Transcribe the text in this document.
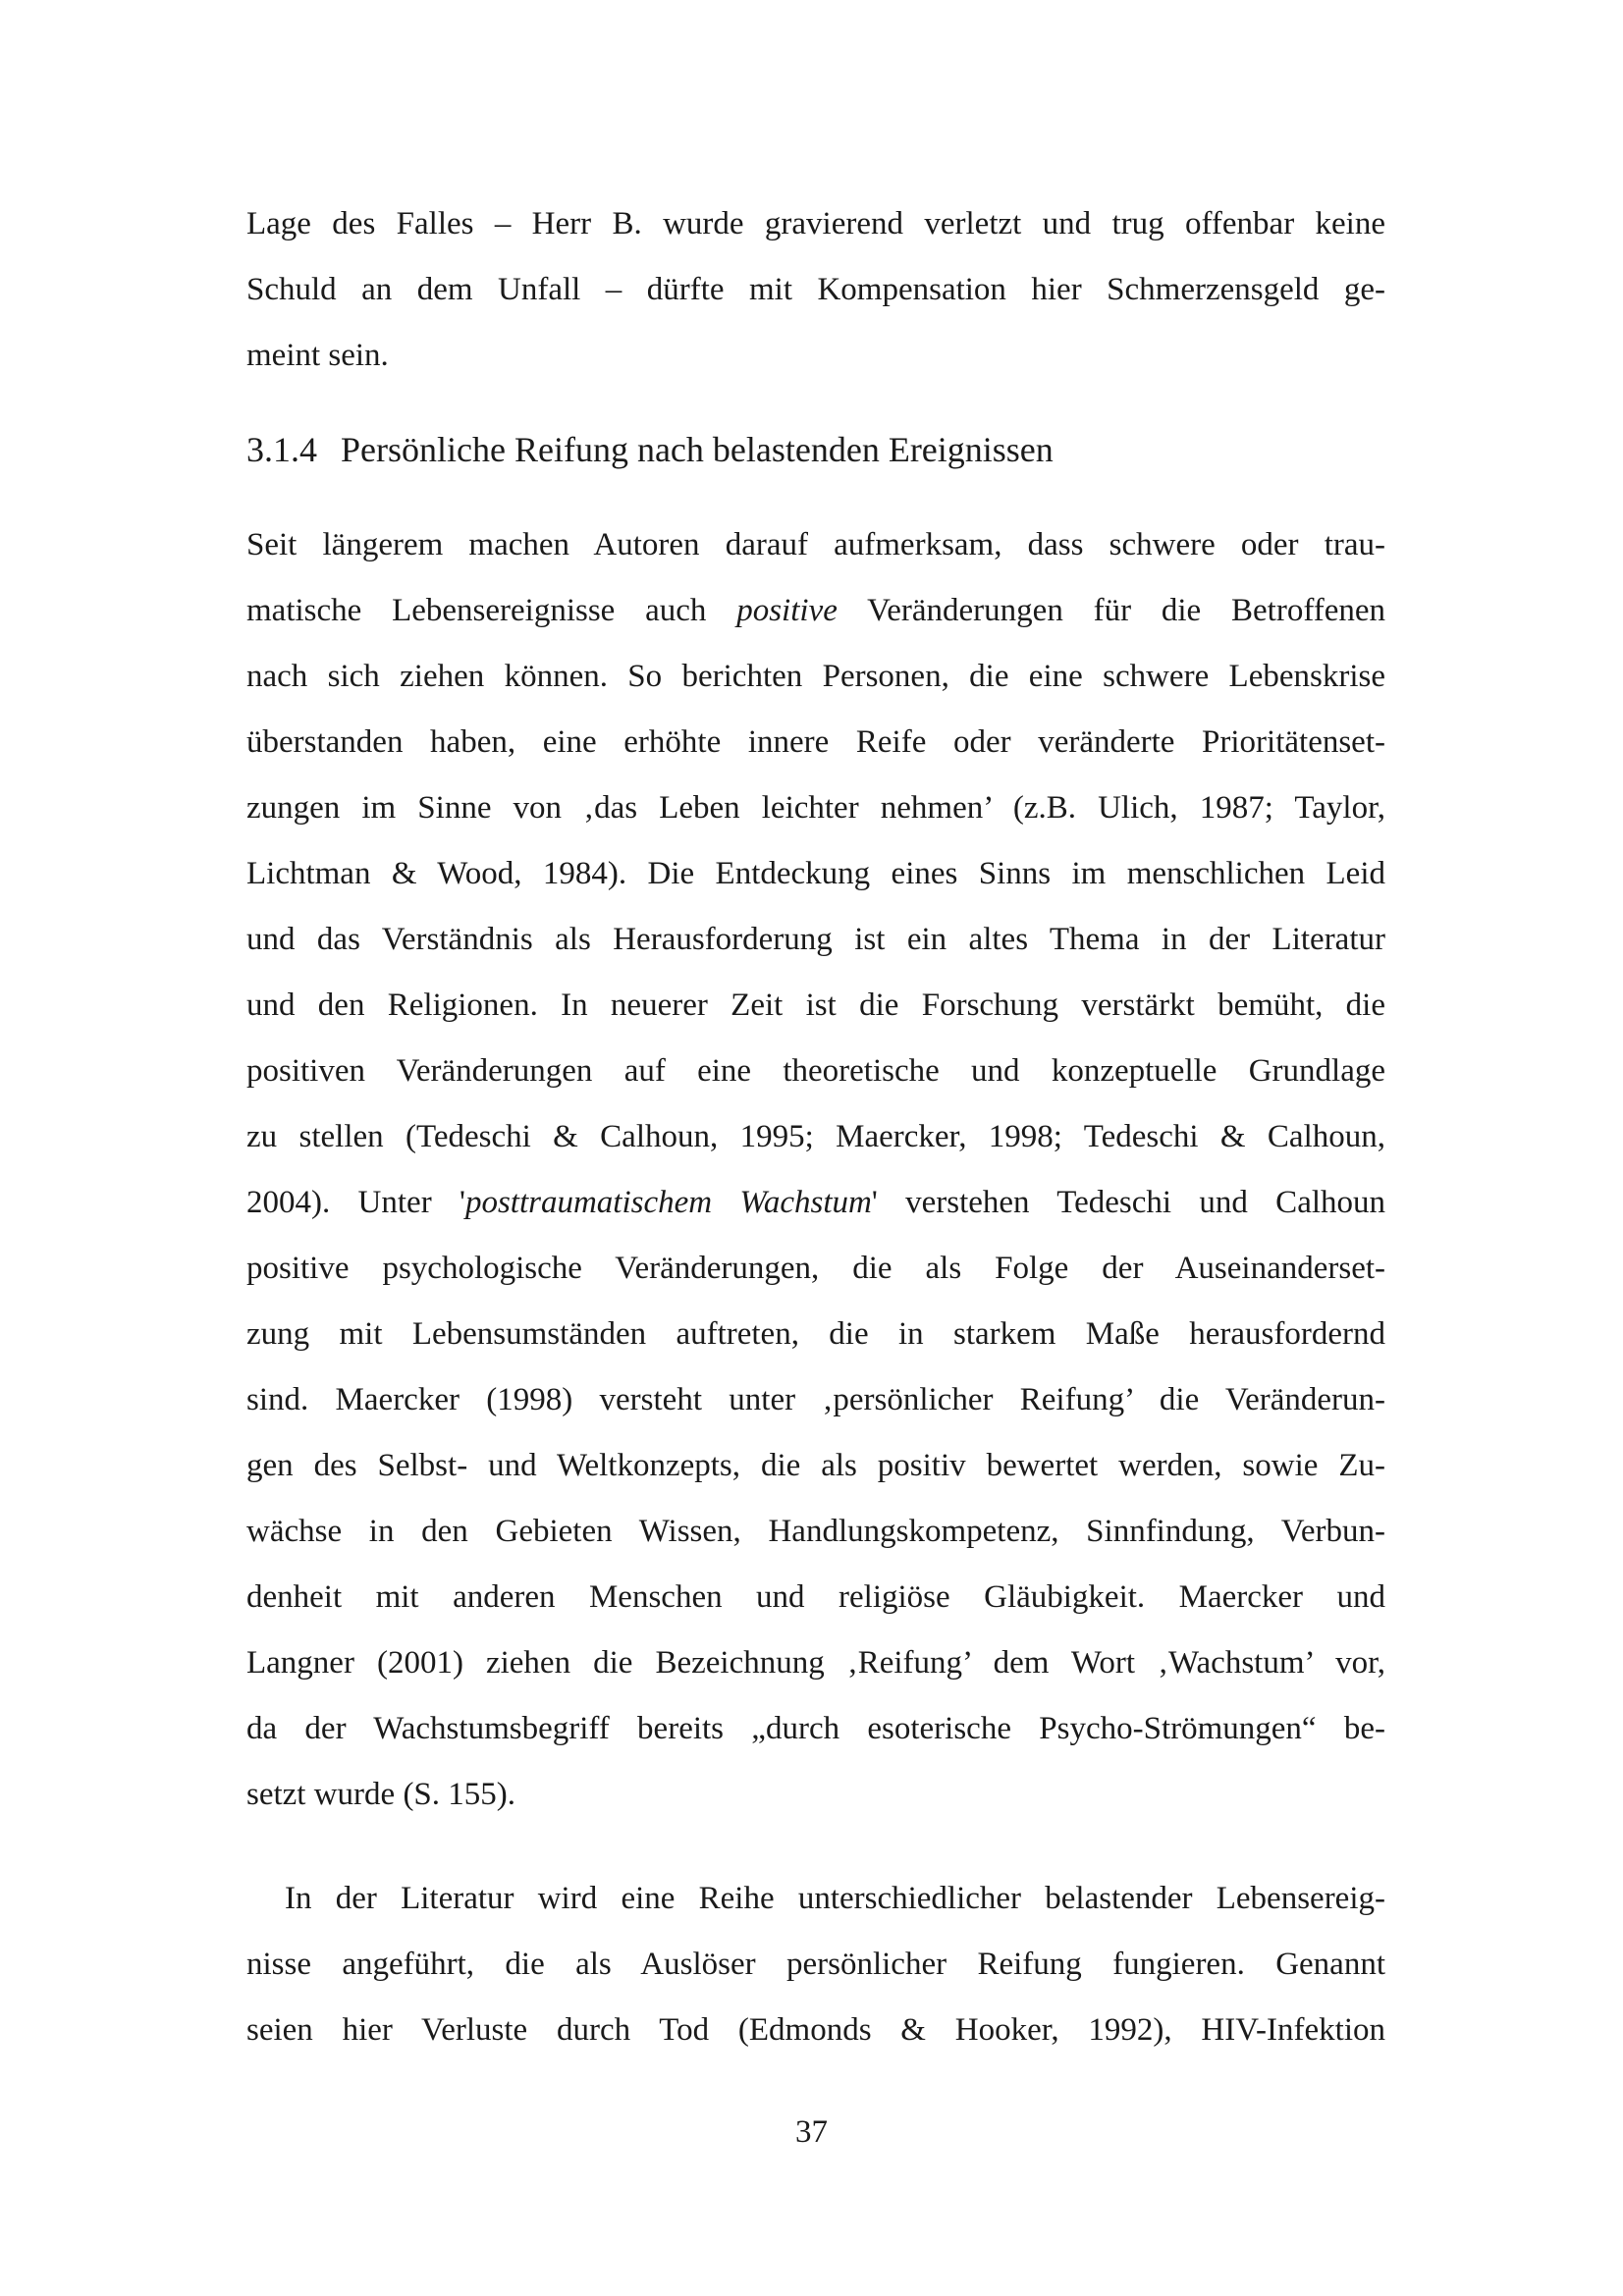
Lage des Falles – Herr B. wurde gravierend verletzt und trug offenbar keine
Schuld an dem Unfall – dürfte mit Kompensation hier Schmerzensgeld ge-
meint sein.
3.1.4 Persönliche Reifung nach belastenden Ereignissen
Seit längerem machen Autoren darauf aufmerksam, dass schwere oder trau-
matische Lebensereignisse auch positive Veränderungen für die Betroffenen
nach sich ziehen können. So berichten Personen, die eine schwere Lebenskrise
überstanden haben, eine erhöhte innere Reife oder veränderte Prioritätenset-
zungen im Sinne von ‚das Leben leichter nehmen’ (z.B. Ulich, 1987; Taylor,
Lichtman & Wood, 1984). Die Entdeckung eines Sinns im menschlichen Leid
und das Verständnis als Herausforderung ist ein altes Thema in der Literatur
und den Religionen. In neuerer Zeit ist die Forschung verstärkt bemüht, die
positiven Veränderungen auf eine theoretische und konzeptuelle Grundlage
zu stellen (Tedeschi & Calhoun, 1995; Maercker, 1998; Tedeschi & Calhoun,
2004). Unter 'posttraumatischem Wachstum' verstehen Tedeschi und Calhoun
positive psychologische Veränderungen, die als Folge der Auseinanderset-
zung mit Lebensumständen auftreten, die in starkem Maße herausfordernd
sind. Maercker (1998) versteht unter ‚persönlicher Reifung’ die Veränderun-
gen des Selbst- und Weltkonzepts, die als positiv bewertet werden, sowie Zu-
wächse in den Gebieten Wissen, Handlungskompetenz, Sinnfindung, Verbun-
denheit mit anderen Menschen und religiöse Gläubigkeit. Maercker und
Langner (2001) ziehen die Bezeichnung ‚Reifung’ dem Wort ‚Wachstum’ vor,
da der Wachstumsbegriff bereits „durch esoterische Psycho-Strömungen“ be-
setzt wurde (S. 155).
In der Literatur wird eine Reihe unterschiedlicher belastender Lebensereig-
nisse angeführt, die als Auslöser persönlicher Reifung fungieren. Genannt
seien hier Verluste durch Tod (Edmonds & Hooker, 1992), HIV-Infektion
37
